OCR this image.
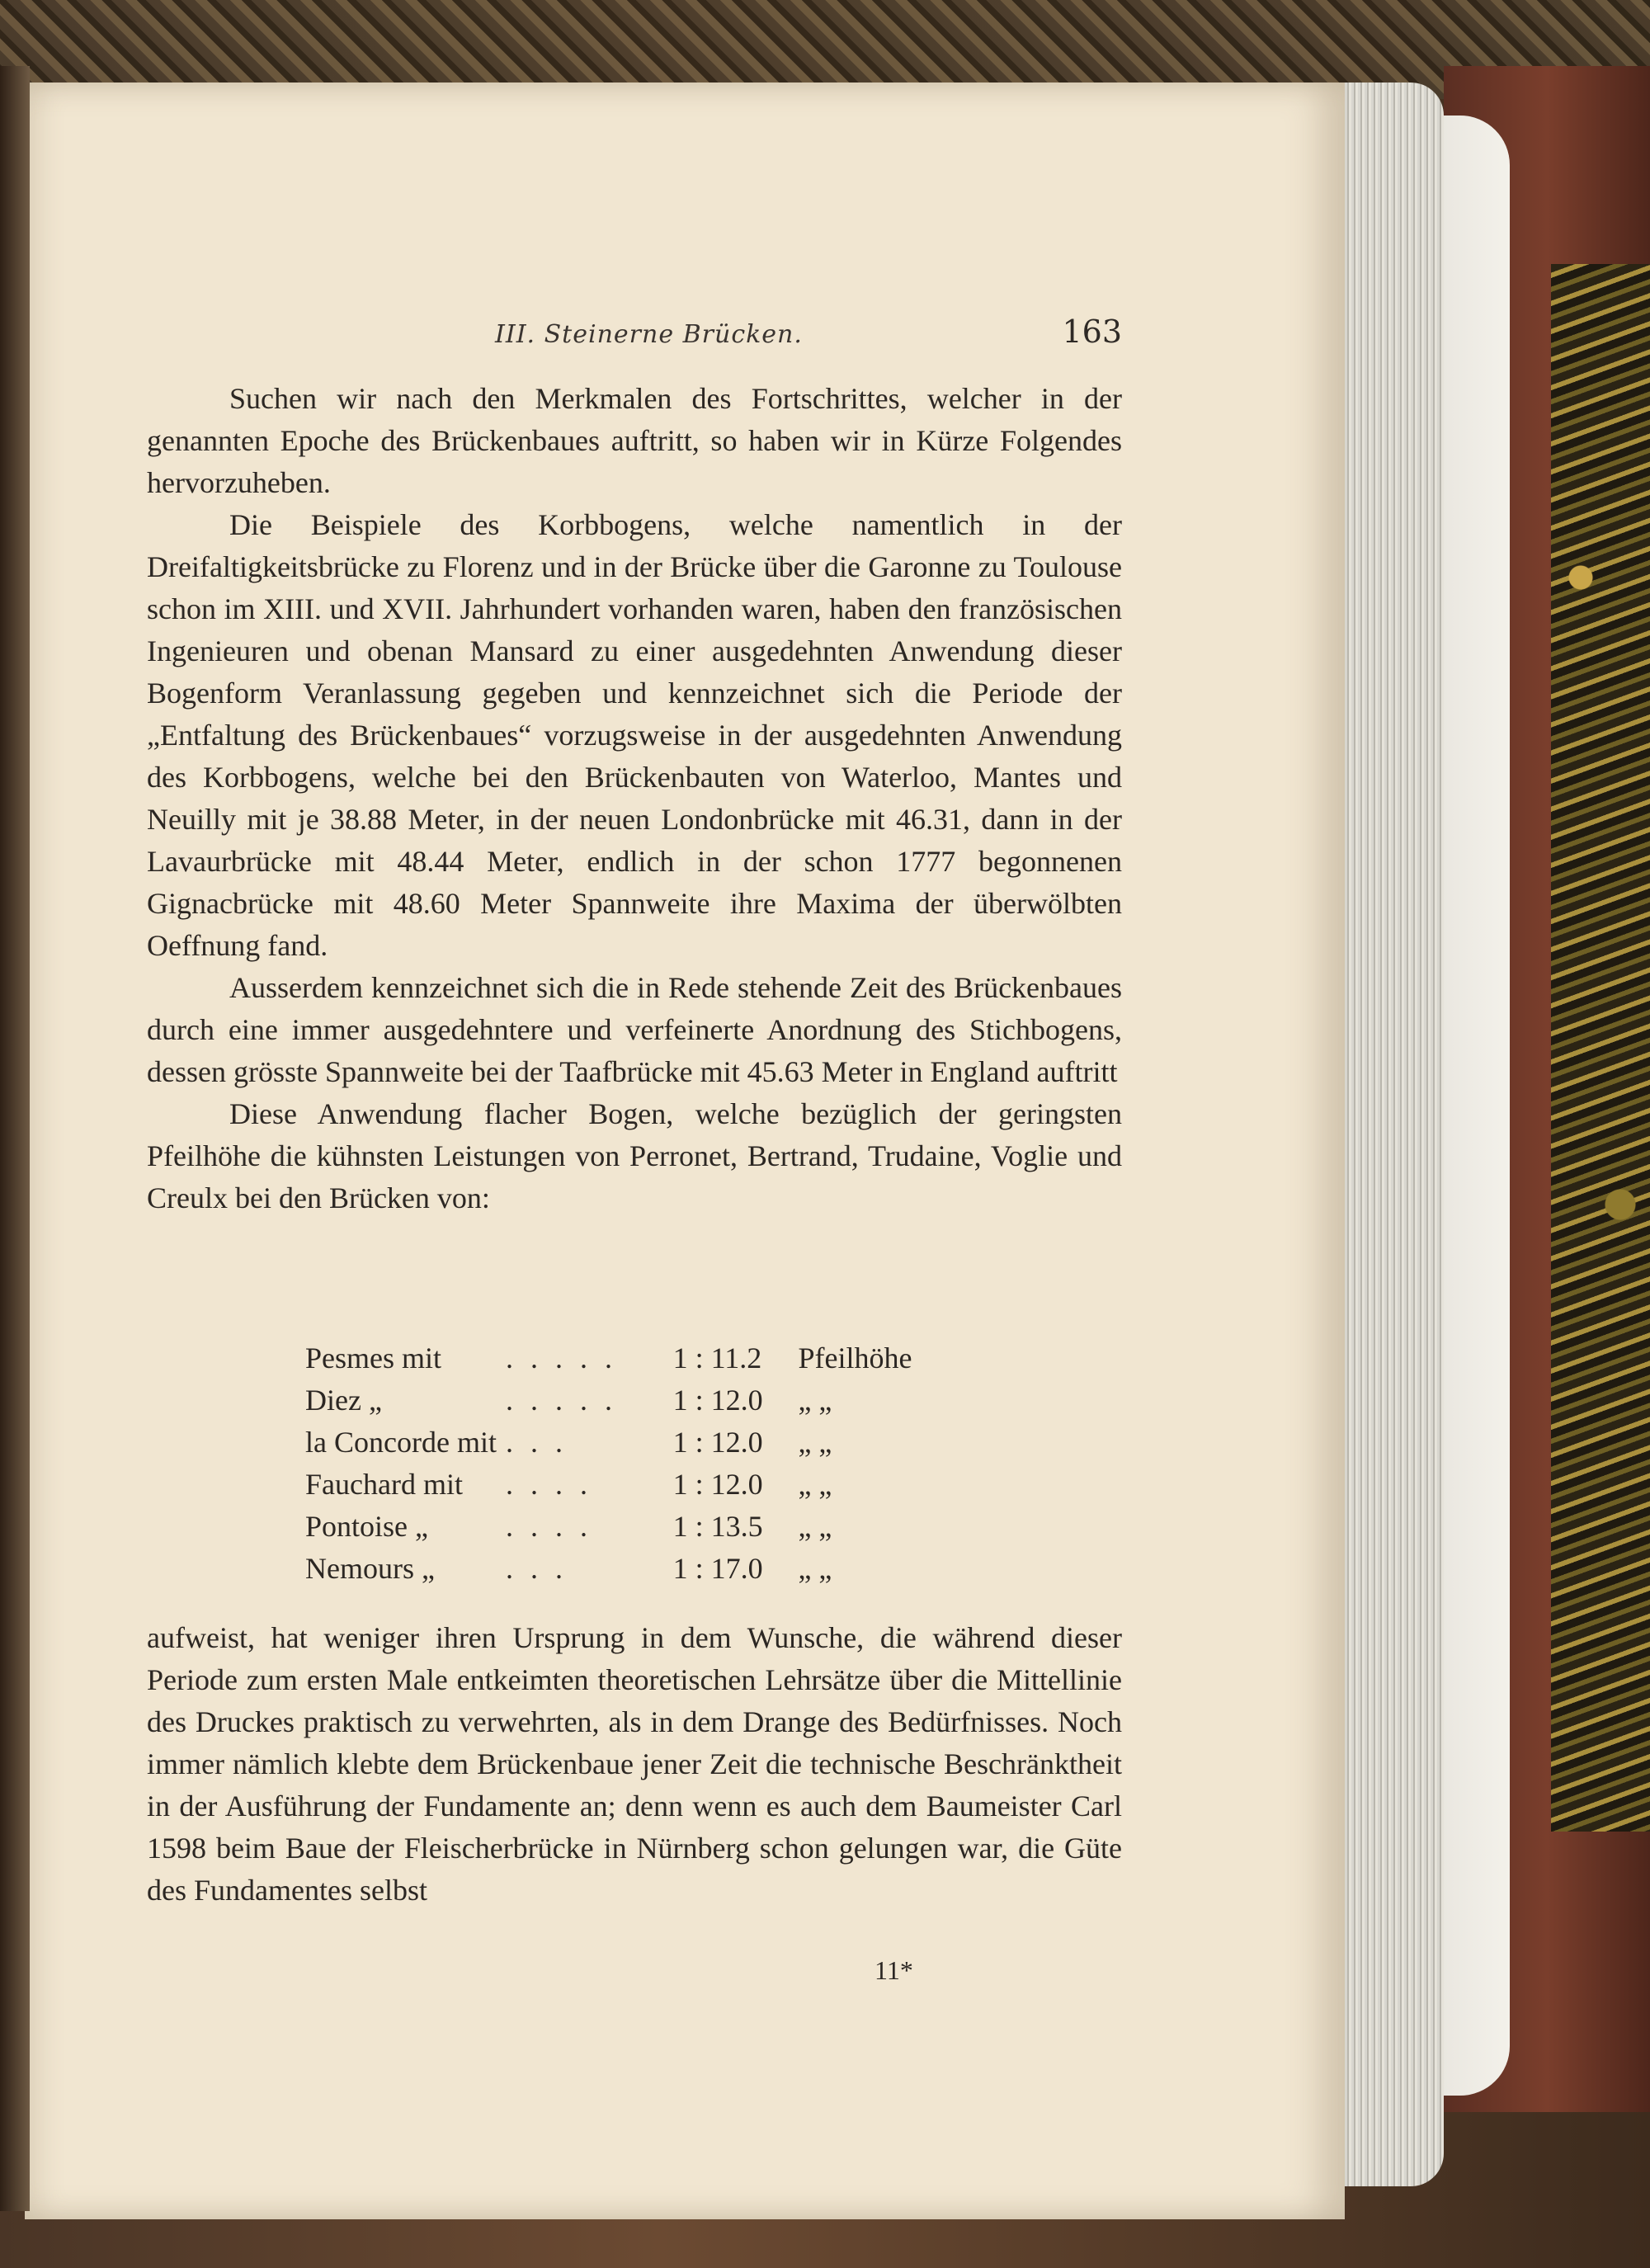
III. Steinerne Brücken.	163

Suchen wir nach den Merkmalen des Fortschrittes, welcher in der genannten Epoche des Brückenbaues auftritt, so haben wir in Kürze Folgendes hervorzuheben.

Die Beispiele des Korbbogens, welche namentlich in der Dreifaltigkeitsbrücke zu Florenz und in der Brücke über die Garonne zu Toulouse schon im XIII. und XVII. Jahrhundert vorhanden waren, haben den französischen Ingenieuren und obenan Mansard zu einer ausgedehnten Anwendung dieser Bogenform Veranlassung gegeben und kennzeichnet sich die Periode der „Entfaltung des Brückenbaues“ vorzugsweise in der ausgedehnten Anwendung des Korbbogens, welche bei den Brückenbauten von Waterloo, Mantes und Neuilly mit je 38.88 Meter, in der neuen Londonbrücke mit 46.31, dann in der Lavaurbrücke mit 48.44 Meter, endlich in der schon 1777 begonnenen Gignacbrücke mit 48.60 Meter Spannweite ihre Maxima der überwölbten Oeffnung fand.

Ausserdem kennzeichnet sich die in Rede stehende Zeit des Brückenbaues durch eine immer ausgedehntere und verfeinerte Anordnung des Stichbogens, dessen grösste Spannweite bei der Taafbrücke mit 45.63 Meter in England auftritt

Diese Anwendung flacher Bogen, welche bezüglich der geringsten Pfeilhöhe die kühnsten Leistungen von Perronet, Bertrand, Trudaine, Voglie und Creulx bei den Brücken von:

Pesmes mit	. . . . .	1 : 11.2	Pfeilhöhe
Diez „	. . . . .	1 : 12.0	„ „
la Concorde mit	. . .	1 : 12.0	„ „
Fauchard mit	. . . .	1 : 12.0	„ „
Pontoise „	. . . .	1 : 13.5	„ „
Nemours „	. . .	1 : 17.0	„ „

aufweist, hat weniger ihren Ursprung in dem Wunsche, die während dieser Periode zum ersten Male entkeimten theoretischen Lehrsätze über die Mittellinie des Druckes praktisch zu verwehrten, als in dem Drange des Bedürfnisses. Noch immer nämlich klebte dem Brückenbaue jener Zeit die technische Beschränktheit in der Ausführung der Fundamente an; denn wenn es auch dem Baumeister Carl 1598 beim Baue der Fleischerbrücke in Nürnberg schon gelungen war, die Güte des Fundamentes selbst

11*
